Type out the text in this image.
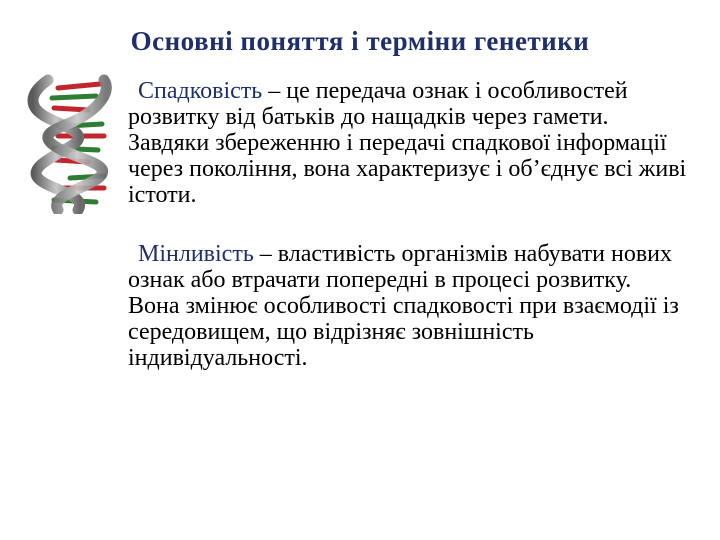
Основні поняття і терміни генетики

Спадковість – це передача ознак і особливостей розвитку від батьків до нащадків через гамети.

Завдяки збереженню і передачі спадкової інформації через покоління, вона характеризує і об’єднує всі живі істоти.

Мінливість – властивість організмів набувати нових ознак або втрачати попередні в процесі розвитку.

Вона змінює особливості спадковості при взаємодії із середовищем, що відрізняє зовнішність індивідуальності.
